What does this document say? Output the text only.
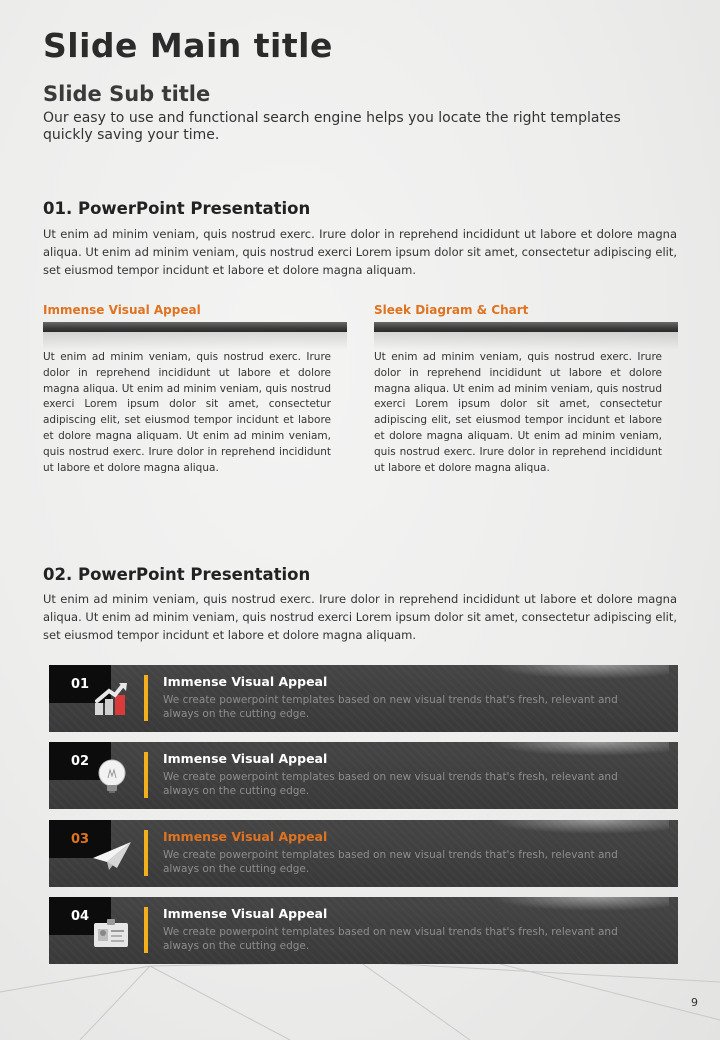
Slide Main title
Slide Sub title
Our easy to use and functional search engine helps you locate the right templates quickly saving your time.
01. PowerPoint Presentation
Ut enim ad minim veniam, quis nostrud exerc. Irure dolor in reprehend incididunt ut labore et dolore magna aliqua. Ut enim ad minim veniam, quis nostrud exerci Lorem ipsum dolor sit amet, consectetur adipiscing elit, set eiusmod tempor incidunt et labore et dolore magna aliquam.
Immense Visual Appeal
Ut enim ad minim veniam, quis nostrud exerc. Irure dolor in reprehend incididunt ut labore et dolore magna aliqua. Ut enim ad minim veniam, quis nostrud exerci Lorem ipsum dolor sit amet, consectetur adipiscing elit, set eiusmod tempor incidunt et labore et dolore magna aliquam. Ut enim ad minim veniam, quis nostrud exerc. Irure dolor in reprehend incididunt ut labore et dolore magna aliqua.
Sleek Diagram & Chart
Ut enim ad minim veniam, quis nostrud exerc. Irure dolor in reprehend incididunt ut labore et dolore magna aliqua. Ut enim ad minim veniam, quis nostrud exerci Lorem ipsum dolor sit amet, consectetur adipiscing elit, set eiusmod tempor incidunt et labore et dolore magna aliquam. Ut enim ad minim veniam, quis nostrud exerc. Irure dolor in reprehend incididunt ut labore et dolore magna aliqua.
02. PowerPoint Presentation
Ut enim ad minim veniam, quis nostrud exerc. Irure dolor in reprehend incididunt ut labore et dolore magna aliqua. Ut enim ad minim veniam, quis nostrud exerci Lorem ipsum dolor sit amet, consectetur adipiscing elit, set eiusmod tempor incidunt et labore et dolore magna aliquam.
01	Immense Visual Appeal
We create powerpoint templates based on new visual trends that's fresh, relevant and always on the cutting edge.
02	Immense Visual Appeal
We create powerpoint templates based on new visual trends that's fresh, relevant and always on the cutting edge.
03	Immense Visual Appeal
We create powerpoint templates based on new visual trends that's fresh, relevant and always on the cutting edge.
04	Immense Visual Appeal
We create powerpoint templates based on new visual trends that's fresh, relevant and always on the cutting edge.
9
